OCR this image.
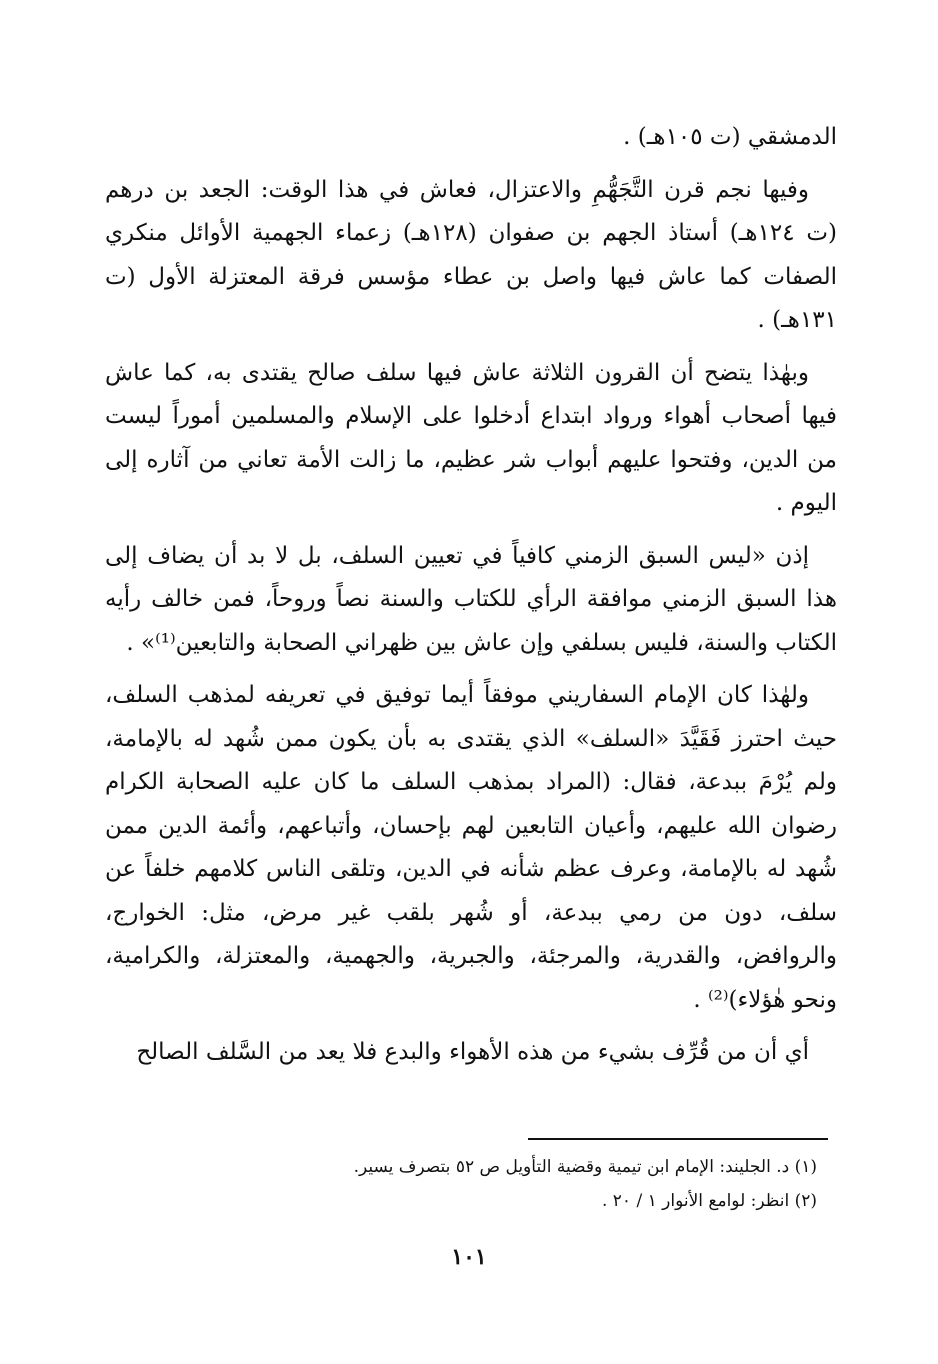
الدمشقي (ت ١٠٥هـ) .

وفيها نجم قرن التَّجَهُّمِ والاعتزال، فعاش في هذا الوقت: الجعد بن درهم (ت ١٢٤هـ) أستاذ الجهم بن صفوان (١٢٨هـ) زعماء الجهمية الأوائل منكري الصفات كما عاش فيها واصل بن عطاء مؤسس فرقة المعتزلة الأول (ت ١٣١هـ) .

وبهٰذا يتضح أن القرون الثلاثة عاش فيها سلف صالح يقتدى به، كما عاش فيها أصحاب أهواء ورواد ابتداع أدخلوا على الإسلام والمسلمين أموراً ليست من الدين، وفتحوا عليهم أبواب شر عظيم، ما زالت الأمة تعاني من آثاره إلى اليوم .

إذن «ليس السبق الزمني كافياً في تعيين السلف، بل لا بد أن يضاف إلى هذا السبق الزمني موافقة الرأي للكتاب والسنة نصاً وروحاً، فمن خالف رأيه الكتاب والسنة، فليس بسلفي وإن عاش بين ظهراني الصحابة والتابعين⁽¹⁾» .

ولهٰذا كان الإمام السفاريني موفقاً أيما توفيق في تعريفه لمذهب السلف، حيث احترز فَقَيَّدَ «السلف» الذي يقتدى به بأن يكون ممن شُهد له بالإمامة، ولم يُرْمَ ببدعة، فقال: (المراد بمذهب السلف ما كان عليه الصحابة الكرام رضوان الله عليهم، وأعيان التابعين لهم بإحسان، وأتباعهم، وأئمة الدين ممن شُهد له بالإمامة، وعرف عظم شأنه في الدين، وتلقى الناس كلامهم خلفاً عن سلف، دون من رمي ببدعة، أو شُهر بلقب غير مرض، مثل: الخوارج، والروافض، والقدرية، والمرجئة، والجبرية، والجهمية، والمعتزلة، والكرامية، ونحو هٰؤلاء)⁽²⁾ .

أي أن من قُرِّف بشيء من هذه الأهواء والبدع فلا يعد من السَّلف الصالح

(١) د. الجليند: الإمام ابن تيمية وقضية التأويل ص ٥٢ بتصرف يسير.

(٢) انظر: لوامع الأنوار ١ / ٢٠ .

١٠١
